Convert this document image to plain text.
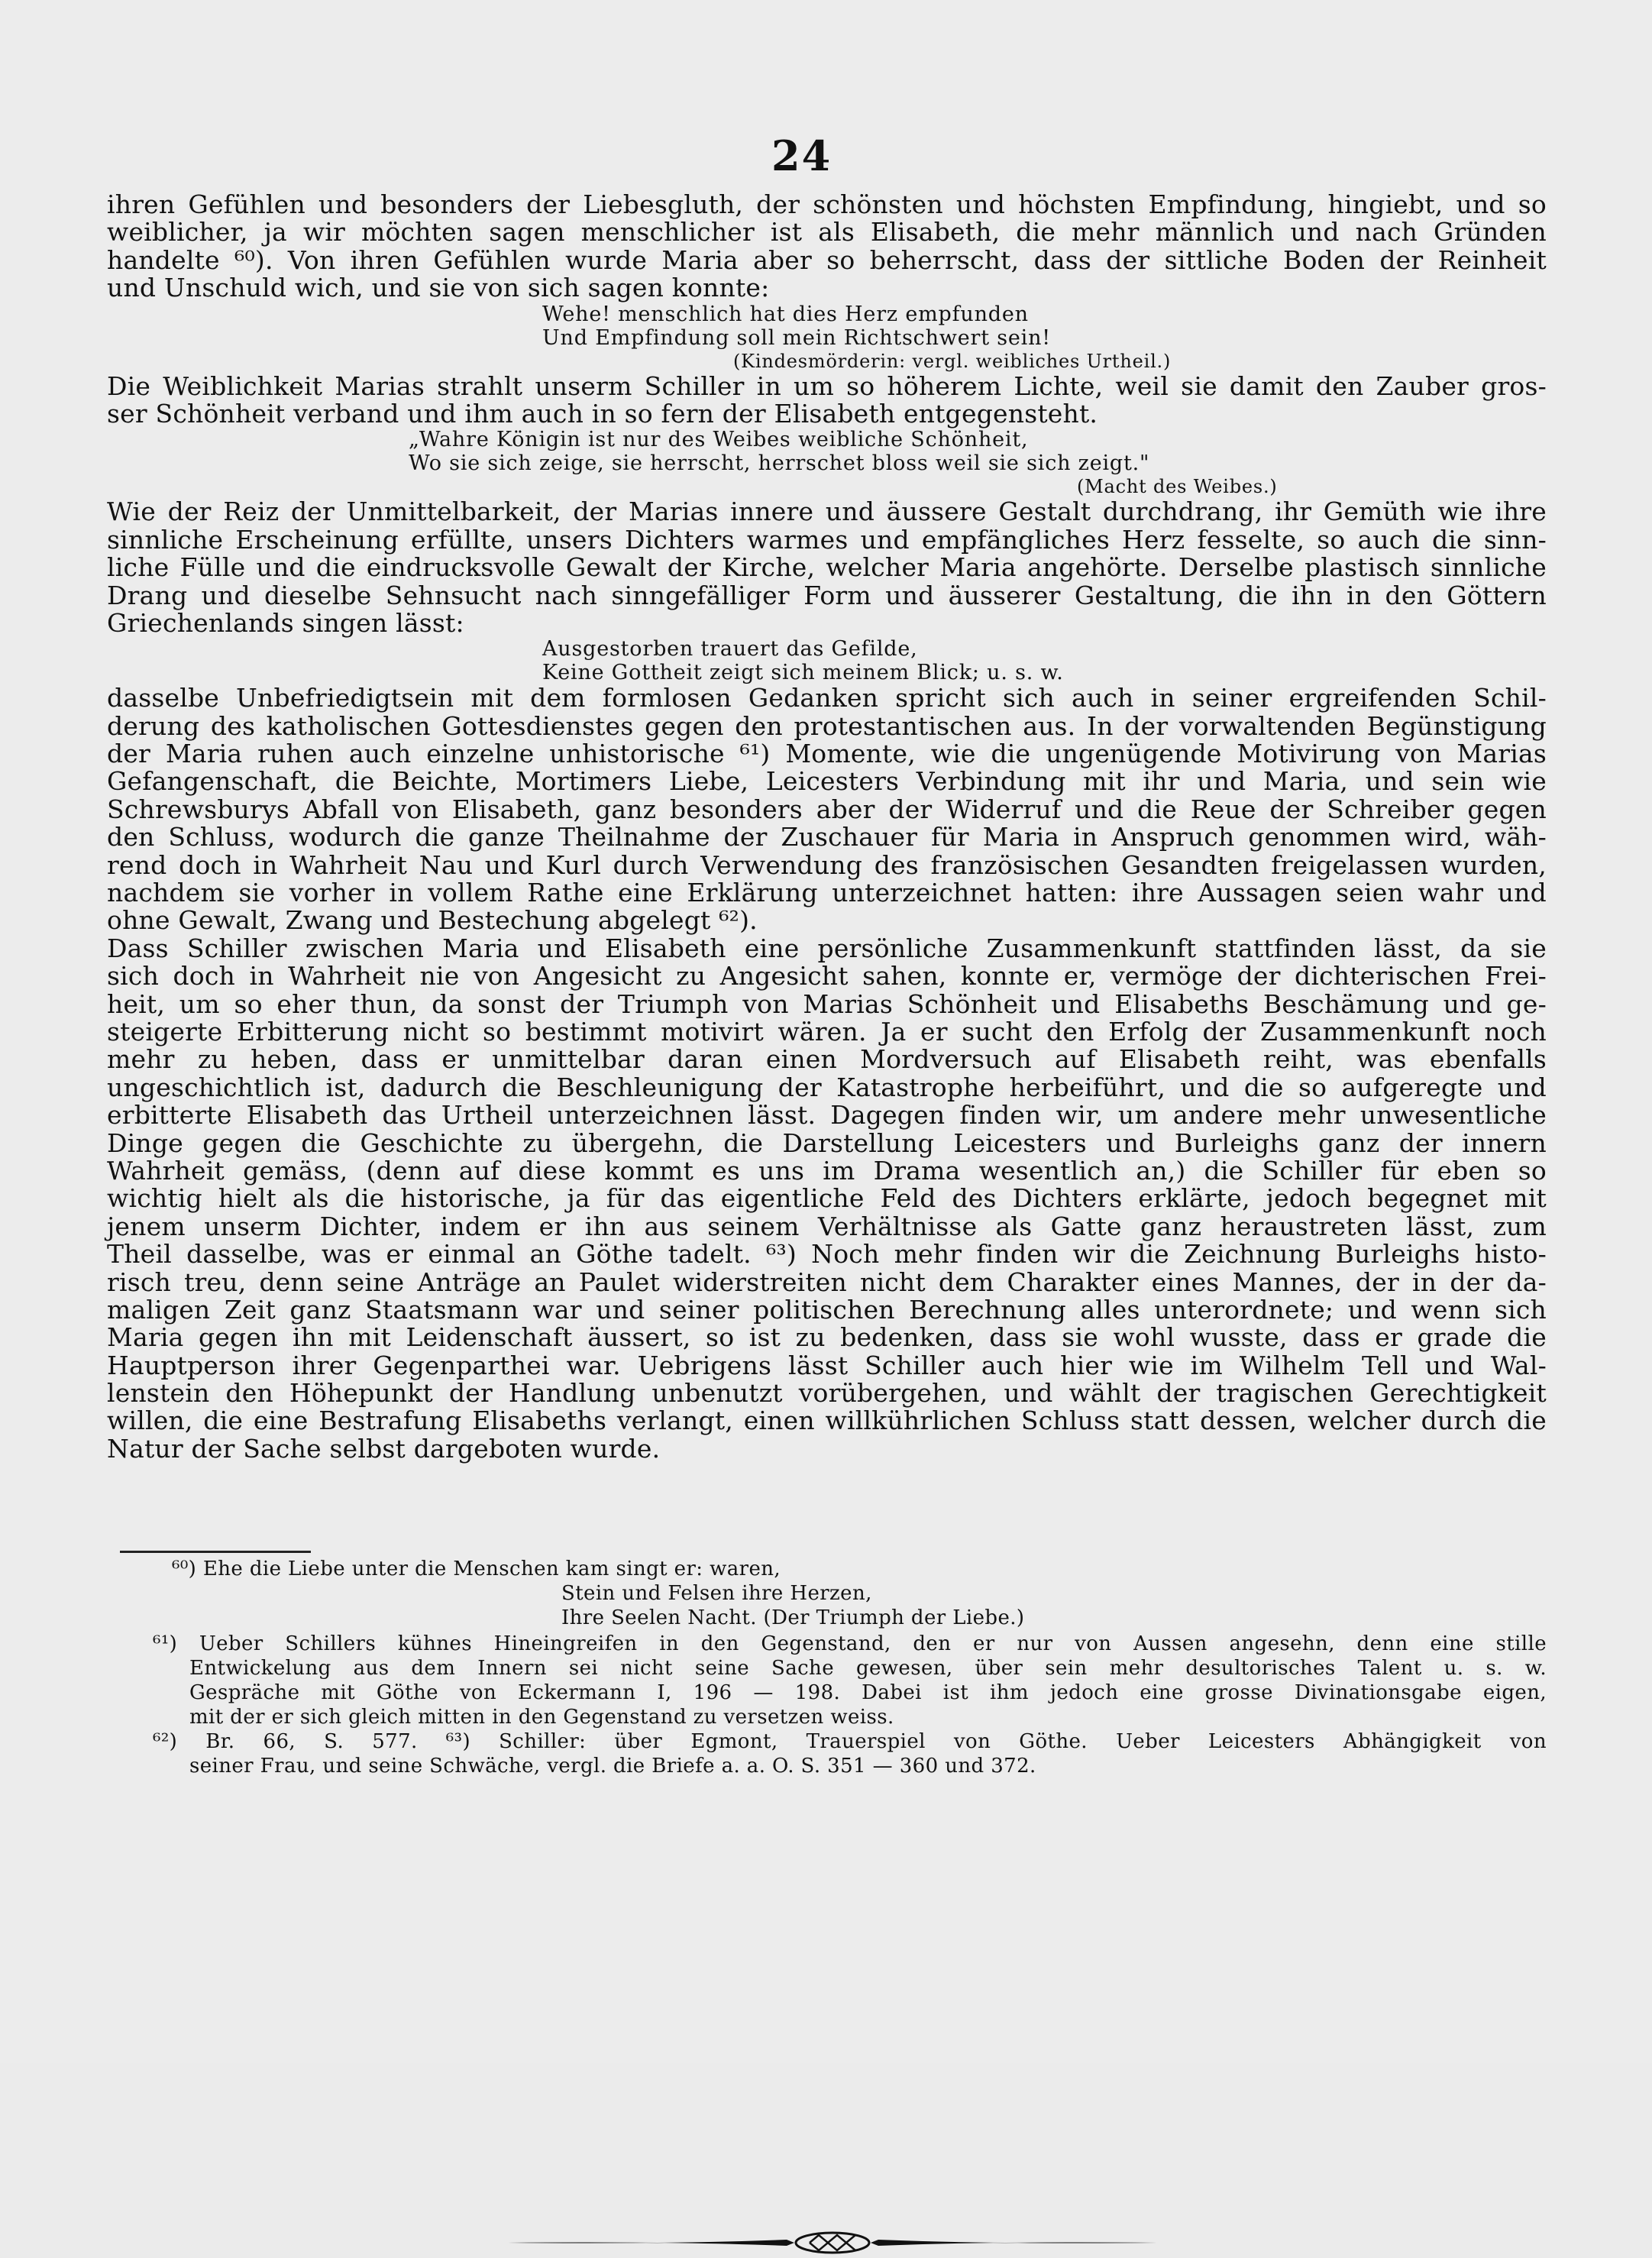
24
ihren Gefühlen und besonders der Liebesgluth, der schönsten und höchsten Empfindung, hingiebt, und so
weiblicher, ja wir möchten sagen menschlicher ist als Elisabeth, die mehr männlich und nach Gründen
handelte ⁶⁰). Von ihren Gefühlen wurde Maria aber so beherrscht, dass der sittliche Boden der Reinheit
und Unschuld wich, und sie von sich sagen konnte:
Wehe! menschlich hat dies Herz empfunden
Und Empfindung soll mein Richtschwert sein!
(Kindesmörderin: vergl. weibliches Urtheil.)
Die Weiblichkeit Marias strahlt unserm Schiller in um so höherem Lichte, weil sie damit den Zauber gros-
ser Schönheit verband und ihm auch in so fern der Elisabeth entgegensteht.
„Wahre Königin ist nur des Weibes weibliche Schönheit,
Wo sie sich zeige, sie herrscht, herrschet bloss weil sie sich zeigt."
(Macht des Weibes.)
Wie der Reiz der Unmittelbarkeit, der Marias innere und äussere Gestalt durchdrang, ihr Gemüth wie ihre
sinnliche Erscheinung erfüllte, unsers Dichters warmes und empfängliches Herz fesselte, so auch die sinn-
liche Fülle und die eindrucksvolle Gewalt der Kirche, welcher Maria angehörte. Derselbe plastisch sinnliche
Drang und dieselbe Sehnsucht nach sinngefälliger Form und äusserer Gestaltung, die ihn in den Göttern
Griechenlands singen lässt:
Ausgestorben trauert das Gefilde,
Keine Gottheit zeigt sich meinem Blick; u. s. w.
dasselbe Unbefriedigtsein mit dem formlosen Gedanken spricht sich auch in seiner ergreifenden Schil-
derung des katholischen Gottesdienstes gegen den protestantischen aus. In der vorwaltenden Begünstigung
der Maria ruhen auch einzelne unhistorische ⁶¹) Momente, wie die ungenügende Motivirung von Marias
Gefangenschaft, die Beichte, Mortimers Liebe, Leicesters Verbindung mit ihr und Maria, und sein wie
Schrewsburys Abfall von Elisabeth, ganz besonders aber der Widerruf und die Reue der Schreiber gegen
den Schluss, wodurch die ganze Theilnahme der Zuschauer für Maria in Anspruch genommen wird, wäh-
rend doch in Wahrheit Nau und Kurl durch Verwendung des französischen Gesandten freigelassen wurden,
nachdem sie vorher in vollem Rathe eine Erklärung unterzeichnet hatten: ihre Aussagen seien wahr und
ohne Gewalt, Zwang und Bestechung abgelegt ⁶²).
Dass Schiller zwischen Maria und Elisabeth eine persönliche Zusammenkunft stattfinden lässt, da sie
sich doch in Wahrheit nie von Angesicht zu Angesicht sahen, konnte er, vermöge der dichterischen Frei-
heit, um so eher thun, da sonst der Triumph von Marias Schönheit und Elisabeths Beschämung und ge-
steigerte Erbitterung nicht so bestimmt motivirt wären. Ja er sucht den Erfolg der Zusammenkunft noch
mehr zu heben, dass er unmittelbar daran einen Mordversuch auf Elisabeth reiht, was ebenfalls
ungeschichtlich ist, dadurch die Beschleunigung der Katastrophe herbeiführt, und die so aufgeregte und
erbitterte Elisabeth das Urtheil unterzeichnen lässt. Dagegen finden wir, um andere mehr unwesentliche
Dinge gegen die Geschichte zu übergehn, die Darstellung Leicesters und Burleighs ganz der innern
Wahrheit gemäss, (denn auf diese kommt es uns im Drama wesentlich an,) die Schiller für eben so
wichtig hielt als die historische, ja für das eigentliche Feld des Dichters erklärte, jedoch begegnet mit
jenem unserm Dichter, indem er ihn aus seinem Verhältnisse als Gatte ganz heraustreten lässt, zum
Theil dasselbe, was er einmal an Göthe tadelt. ⁶³) Noch mehr finden wir die Zeichnung Burleighs histo-
risch treu, denn seine Anträge an Paulet widerstreiten nicht dem Charakter eines Mannes, der in der da-
maligen Zeit ganz Staatsmann war und seiner politischen Berechnung alles unterordnete; und wenn sich
Maria gegen ihn mit Leidenschaft äussert, so ist zu bedenken, dass sie wohl wusste, dass er grade die
Hauptperson ihrer Gegenparthei war. Uebrigens lässt Schiller auch hier wie im Wilhelm Tell und Wal-
lenstein den Höhepunkt der Handlung unbenutzt vorübergehen, und wählt der tragischen Gerechtigkeit
willen, die eine Bestrafung Elisabeths verlangt, einen willkührlichen Schluss statt dessen, welcher durch die
Natur der Sache selbst dargeboten wurde.
⁶⁰) Ehe die Liebe unter die Menschen kam singt er: waren,
Stein und Felsen ihre Herzen,
Ihre Seelen Nacht. (Der Triumph der Liebe.)
⁶¹) Ueber Schillers kühnes Hineingreifen in den Gegenstand, den er nur von Aussen angesehn, denn eine stille
Entwickelung aus dem Innern sei nicht seine Sache gewesen, über sein mehr desultorisches Talent u. s. w.
Gespräche mit Göthe von Eckermann I, 196 — 198. Dabei ist ihm jedoch eine grosse Divinationsgabe eigen,
mit der er sich gleich mitten in den Gegenstand zu versetzen weiss.
⁶²) Br. 66, S. 577. ⁶³) Schiller: über Egmont, Trauerspiel von Göthe. Ueber Leicesters Abhängigkeit von
seiner Frau, und seine Schwäche, vergl. die Briefe a. a. O. S. 351 — 360 und 372.
